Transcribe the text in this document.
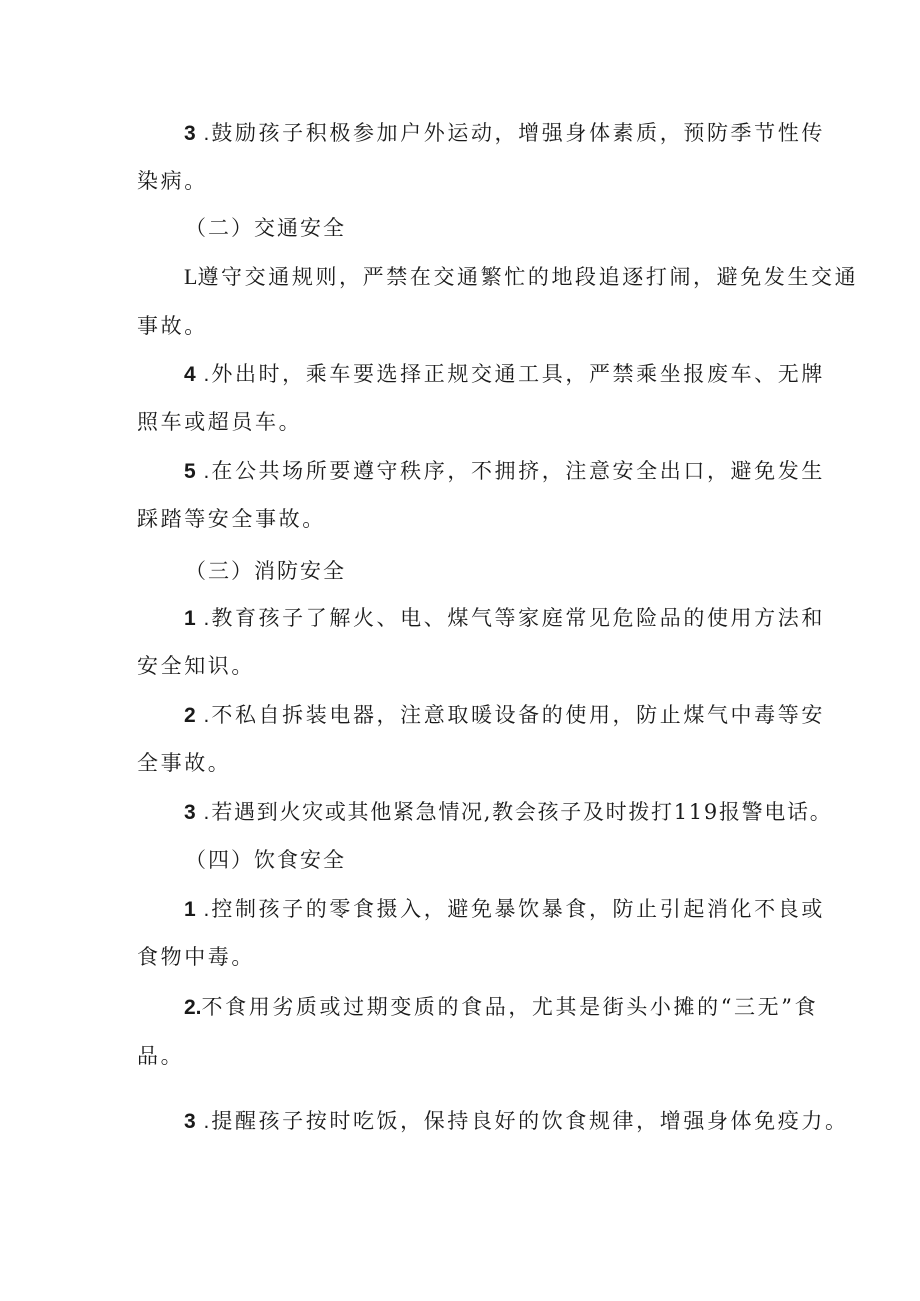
3 .鼓励孩子积极参加户外运动，增强身体素质，预防季节性传
染病。
（二）交通安全
L遵守交通规则，严禁在交通繁忙的地段追逐打闹，避免发生交通
事故。
4 .外出时，乘车要选择正规交通工具，严禁乘坐报废车、无牌
照车或超员车。
5 .在公共场所要遵守秩序，不拥挤，注意安全出口，避免发生
踩踏等安全事故。
（三）消防安全
1 .教育孩子了解火、电、煤气等家庭常见危险品的使用方法和
安全知识。
2 .不私自拆装电器，注意取暖设备的使用，防止煤气中毒等安
全事故。
3 .若遇到火灾或其他紧急情况,教会孩子及时拨打119报警电话。
（四）饮食安全
1 .控制孩子的零食摄入，避免暴饮暴食，防止引起消化不良或
食物中毒。
2.不食用劣质或过期变质的食品，尤其是街头小摊的“三无”食
品。
3 .提醒孩子按时吃饭，保持良好的饮食规律，增强身体免疫力。
